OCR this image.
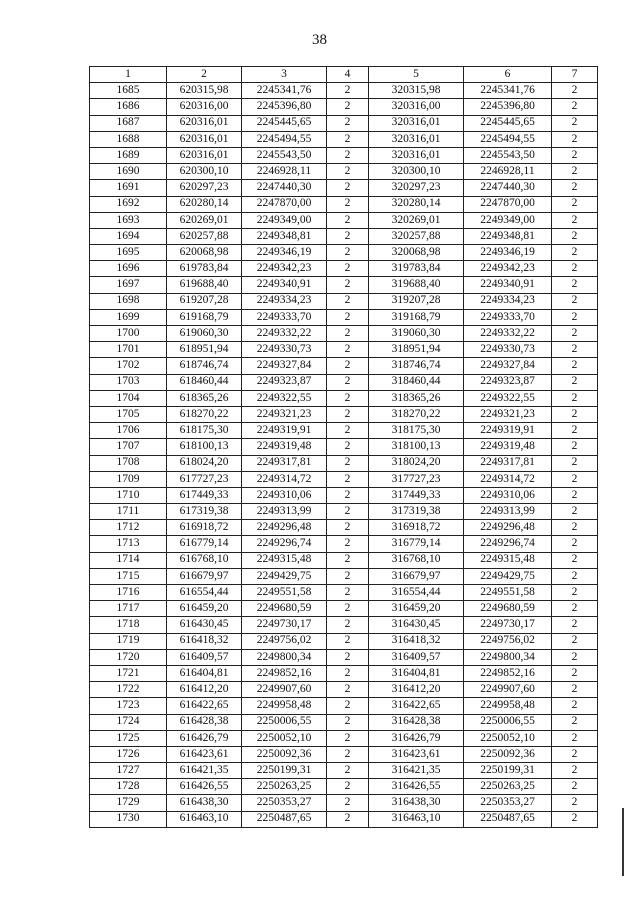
38
1	2	3	4	5	6	7
1685	620315,98	2245341,76	2	320315,98	2245341,76	2
1686	620316,00	2245396,80	2	320316,00	2245396,80	2
1687	620316,01	2245445,65	2	320316,01	2245445,65	2
1688	620316,01	2245494,55	2	320316,01	2245494,55	2
1689	620316,01	2245543,50	2	320316,01	2245543,50	2
1690	620300,10	2246928,11	2	320300,10	2246928,11	2
1691	620297,23	2247440,30	2	320297,23	2247440,30	2
1692	620280,14	2247870,00	2	320280,14	2247870,00	2
1693	620269,01	2249349,00	2	320269,01	2249349,00	2
1694	620257,88	2249348,81	2	320257,88	2249348,81	2
1695	620068,98	2249346,19	2	320068,98	2249346,19	2
1696	619783,84	2249342,23	2	319783,84	2249342,23	2
1697	619688,40	2249340,91	2	319688,40	2249340,91	2
1698	619207,28	2249334,23	2	319207,28	2249334,23	2
1699	619168,79	2249333,70	2	319168,79	2249333,70	2
1700	619060,30	2249332,22	2	319060,30	2249332,22	2
1701	618951,94	2249330,73	2	318951,94	2249330,73	2
1702	618746,74	2249327,84	2	318746,74	2249327,84	2
1703	618460,44	2249323,87	2	318460,44	2249323,87	2
1704	618365,26	2249322,55	2	318365,26	2249322,55	2
1705	618270,22	2249321,23	2	318270,22	2249321,23	2
1706	618175,30	2249319,91	2	318175,30	2249319,91	2
1707	618100,13	2249319,48	2	318100,13	2249319,48	2
1708	618024,20	2249317,81	2	318024,20	2249317,81	2
1709	617727,23	2249314,72	2	317727,23	2249314,72	2
1710	617449,33	2249310,06	2	317449,33	2249310,06	2
1711	617319,38	2249313,99	2	317319,38	2249313,99	2
1712	616918,72	2249296,48	2	316918,72	2249296,48	2
1713	616779,14	2249296,74	2	316779,14	2249296,74	2
1714	616768,10	2249315,48	2	316768,10	2249315,48	2
1715	616679,97	2249429,75	2	316679,97	2249429,75	2
1716	616554,44	2249551,58	2	316554,44	2249551,58	2
1717	616459,20	2249680,59	2	316459,20	2249680,59	2
1718	616430,45	2249730,17	2	316430,45	2249730,17	2
1719	616418,32	2249756,02	2	316418,32	2249756,02	2
1720	616409,57	2249800,34	2	316409,57	2249800,34	2
1721	616404,81	2249852,16	2	316404,81	2249852,16	2
1722	616412,20	2249907,60	2	316412,20	2249907,60	2
1723	616422,65	2249958,48	2	316422,65	2249958,48	2
1724	616428,38	2250006,55	2	316428,38	2250006,55	2
1725	616426,79	2250052,10	2	316426,79	2250052,10	2
1726	616423,61	2250092,36	2	316423,61	2250092,36	2
1727	616421,35	2250199,31	2	316421,35	2250199,31	2
1728	616426,55	2250263,25	2	316426,55	2250263,25	2
1729	616438,30	2250353,27	2	316438,30	2250353,27	2
1730	616463,10	2250487,65	2	316463,10	2250487,65	2
